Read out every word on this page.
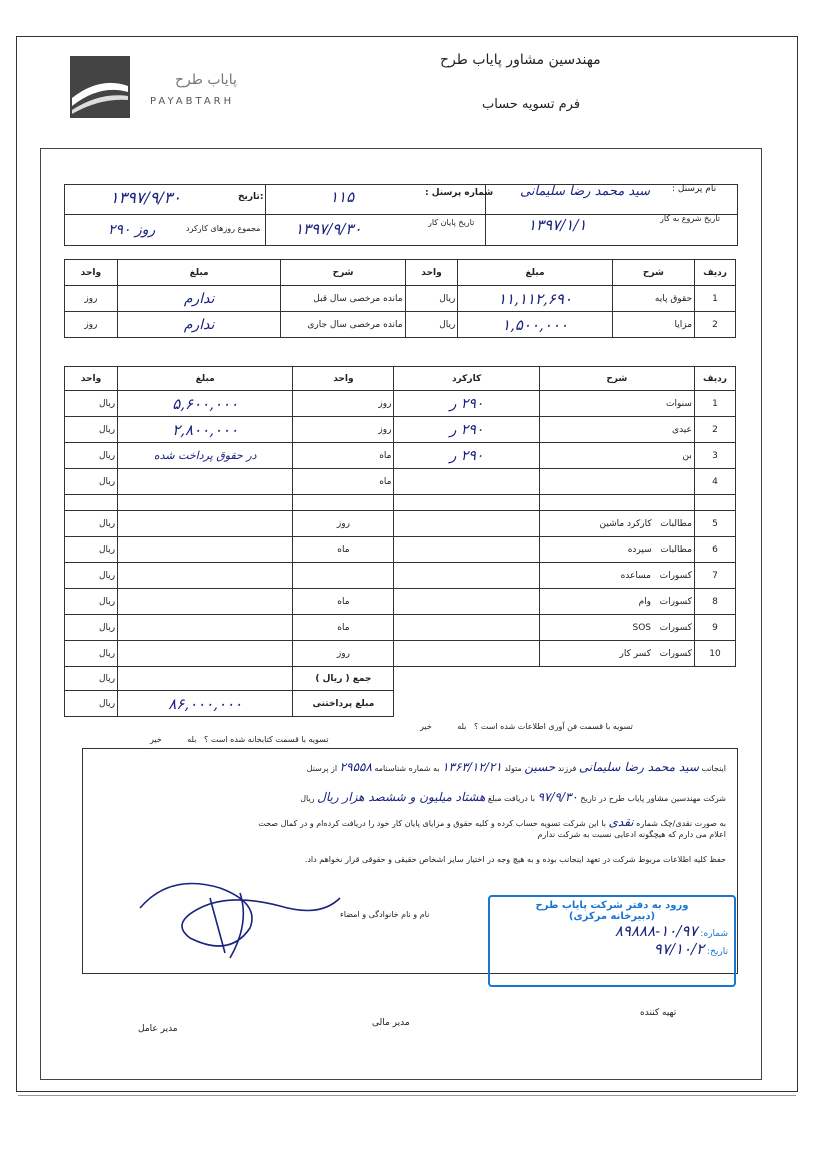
پایاب طرح
PAYABTARH
مهندسین مشاور پایاب طرح
فرم تسویه حساب
نام پرسنل :
سید محمد رضا سلیمانی
شماره پرسنل :
۱۱۵
تاریخ:
۱۳۹۷/۹/۳۰
تاریخ شروع به کار
۱۳۹۷/۱/۱
تاریخ پایان کار
۱۳۹۷/۹/۳۰
مجموع روزهای کارکرد
۲۹۰ روز
واحد	مبلغ	شرح	واحد	مبلغ	شرح	ردیف
روز	ندارم	مانده مرخصی سال قبل	ریال	۱۱,۱۱۲,۶۹۰	حقوق پایه	1
روز	ندارم	مانده مرخصی سال جاری	ریال	۱,۵۰۰,۰۰۰	مزایا	2
واحد	مبلغ	واحد	کارکرد	شرح	ردیف
ریال	۵,۶۰۰,۰۰۰	روز	۲۹۰ ر	سنوات	1
ریال	۲,۸۰۰,۰۰۰	روز	۲۹۰ ر	عیدی	2
ریال	در حقوق پرداخت شده	ماه	۲۹۰ ر	بن	3
ریال		ماه			4

ریال		روز		مطالبات   کارکرد ماشین	5
ریال		ماه		مطالبات   سپرده	6
ریال				کسورات   مساعده	7
ریال		ماه		کسورات   وام	8
ریال		ماه		کسورات   SOS	9
ریال		روز		کسورات   کسر کار	10
ریال		جمع ( ریال )			
ریال	۸۶,۰۰۰,۰۰۰	مبلغ پرداختنی			
تسویه با قسمت فن آوری اطلاعات شده است ؟   بله          خیر
تسویه با قسمت کتابخانه شده است ؟   بله          خیر
اینجانب سید محمد رضا سلیمانی فرزند حسین متولد ۱۳۶۳/۱۲/۲۱ به شماره شناسنامه ۲۹۵۵۸ از پرسنل
شرکت مهندسین مشاور پایاب طرح در تاریخ ۹۷/۹/۳۰ با دریافت مبلغ هشتاد میلیون و ششصد هزار ریال ریال
به صورت نقدی/چک شماره نقدی با این شرکت تسویه حساب کرده و کلیه حقوق و مزایای پایان کار خود را دریافت کرده‌ام و در کمال صحت
اعلام می دارم که هیچگونه ادعایی نسبت به شرکت ندارم
حفظ کلیه اطلاعات مربوط شرکت در تعهد اینجانب بوده و به هیچ وجه در اختیار سایر اشخاص حقیقی و حقوقی قرار نخواهم داد.
نام و نام خانوادگی و امضاء
ورود به دفتر شرکت پایاب طرح
(دبیرخانه مرکزی)
شماره: ۱۰/۹۷-۸۹۸۸۸
تاریخ: ۹۷/۱۰/۲
تهیه کننده
مدیر مالی
مدیر عامل
